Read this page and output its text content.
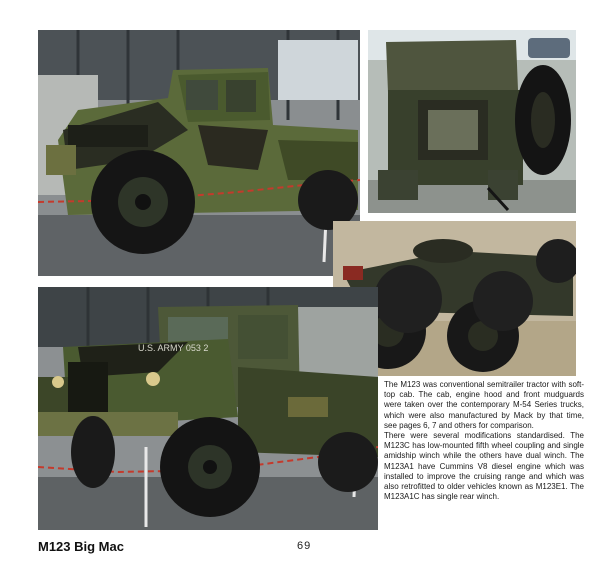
U.S. ARMY 053 2

The M123 was conventional semitrailer tractor with soft-top cab. The cab, engine hood and front mudguards were taken over the contemporary M-54 Series trucks, which were also manufactured by Mack by that time, see pages 6, 7 and others for comparison.

There were several modifications standardised. The M123C has low-mounted fifth wheel coupling and single amidship winch while the others have dual winch. The M123A1 have Cummins V8 diesel engine which was installed to improve the cruising range and which was also retrofitted to older vehicles known as M123E1. The M123A1C has single rear winch.

M123 Big Mac	69
